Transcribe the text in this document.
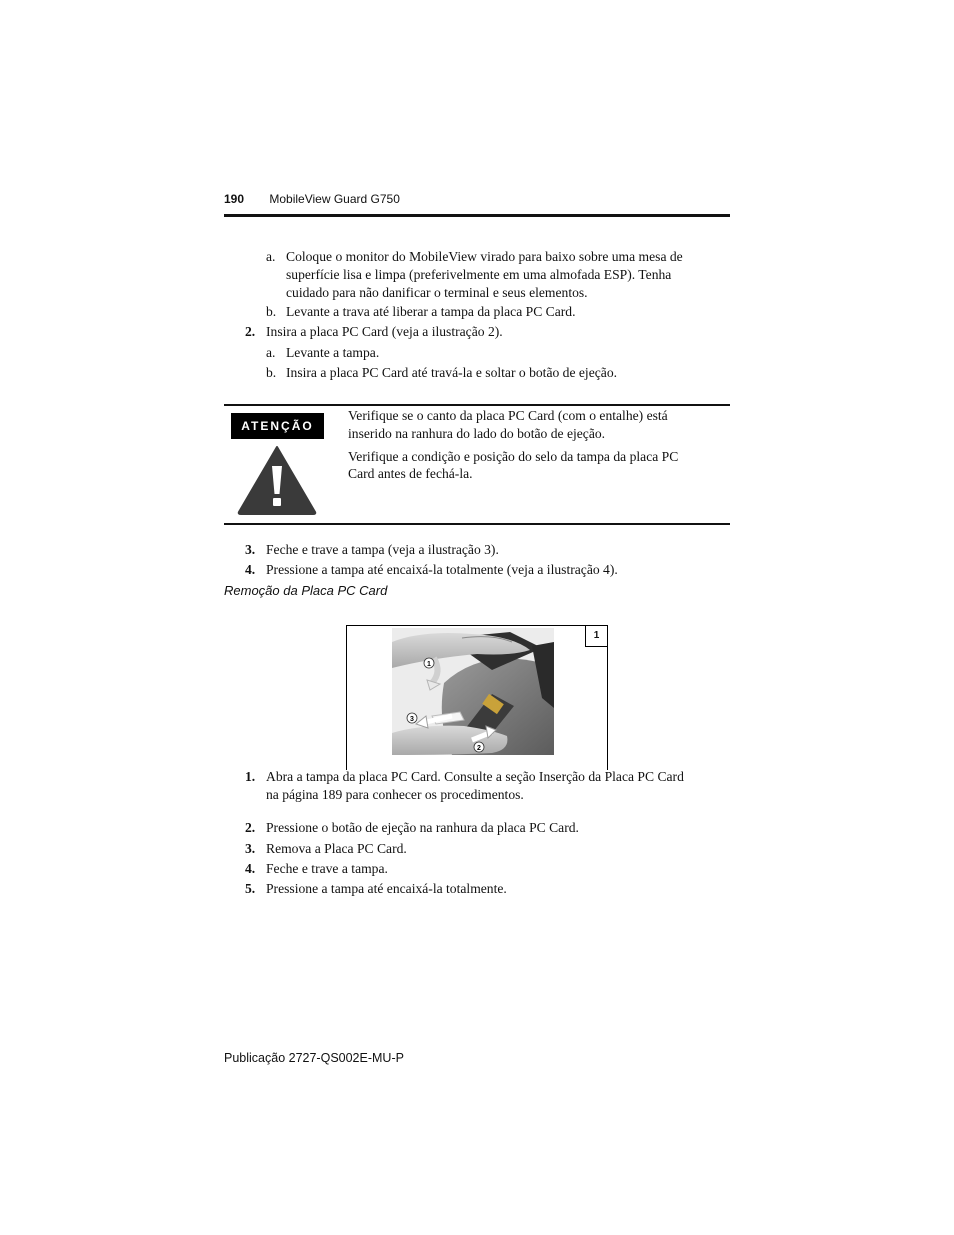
190 MobileView Guard G750
a. Coloque o monitor do MobileView virado para baixo sobre uma mesa de
superfície lisa e limpa (preferivelmente em uma almofada ESP). Tenha
cuidado para não danificar o terminal e seus elementos.
b. Levante a trava até liberar a tampa da placa PC Card.
2. Insira a placa PC Card (veja a ilustração 2).
a. Levante a tampa.
b. Insira a placa PC Card até travá-la e soltar o botão de ejeção.
ATENÇÃO
Verifique se o canto da placa PC Card (com o entalhe) está
inserido na ranhura do lado do botão de ejeção.
Verifique a condição e posição do selo da tampa da placa PC
Card antes de fechá-la.
3. Feche e trave a tampa (veja a ilustração 3).
4. Pressione a tampa até encaixá-la totalmente (veja a ilustração 4).
Remoção da Placa PC Card
1
1
2
3
1. Abra a tampa da placa PC Card. Consulte a seção Inserção da Placa PC Card
na página 189 para conhecer os procedimentos.
2. Pressione o botão de ejeção na ranhura da placa PC Card.
3. Remova a Placa PC Card.
4. Feche e trave a tampa.
5. Pressione a tampa até encaixá-la totalmente.
Publicação 2727-QS002E-MU-P
